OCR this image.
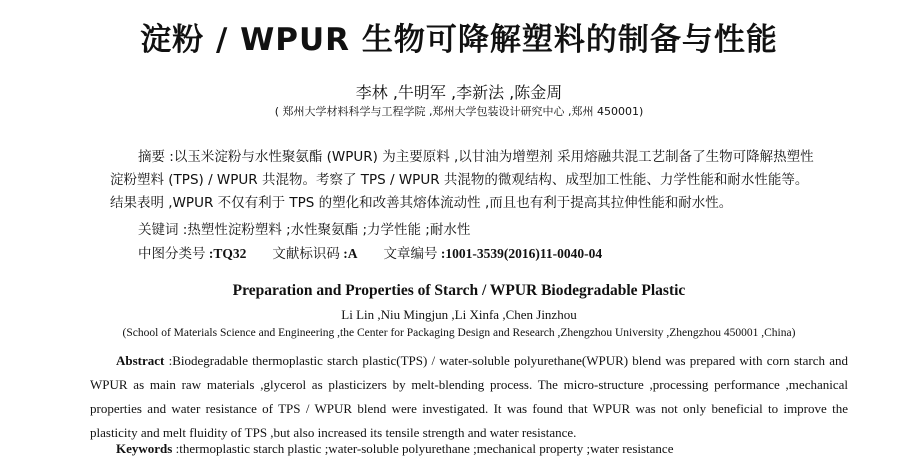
淀粉 / WPUR 生物可降解塑料的制备与性能
李林 ,牛明军 ,李新法 ,陈金周
( 郑州大学材料科学与工程学院 ,郑州大学包装设计研究中心 ,郑州 450001)
摘要 :以玉米淀粉与水性聚氨酯 (WPUR) 为主要原料 ,以甘油为增塑剂 采用熔融共混工艺制备了生物可降解热塑性淀粉塑料 (TPS) / WPUR 共混物。考察了 TPS / WPUR 共混物的微观结构、成型加工性能、力学性能和耐水性能等。结果表明 ,WPUR 不仅有利于 TPS 的塑化和改善其熔体流动性 ,而且也有利于提高其拉伸性能和耐水性。
关键词 :热塑性淀粉塑料 ;水性聚氨酯 ;力学性能 ;耐水性
中图分类号 :TQ32 文献标识码 :A 文章编号 :1001-3539(2016)11-0040-04
Preparation and Properties of Starch / WPUR Biodegradable Plastic
Li Lin ,Niu Mingjun ,Li Xinfa ,Chen Jinzhou
(School of Materials Science and Engineering ,the Center for Packaging Design and Research ,Zhengzhou University ,Zhengzhou 450001 ,China)
Abstract :Biodegradable thermoplastic starch plastic(TPS) / water-soluble polyurethane(WPUR) blend was prepared with corn starch and WPUR as main raw materials ,glycerol as plasticizers by melt-blending process. The micro-structure ,processing performance ,mechanical properties and water resistance of TPS / WPUR blend were investigated. It was found that WPUR was not only beneficial to improve the plasticity and melt fluidity of TPS ,but also increased its tensile strength and water resistance.
Keywords :thermoplastic starch plastic ;water-soluble polyurethane ;mechanical property ;water resistance
